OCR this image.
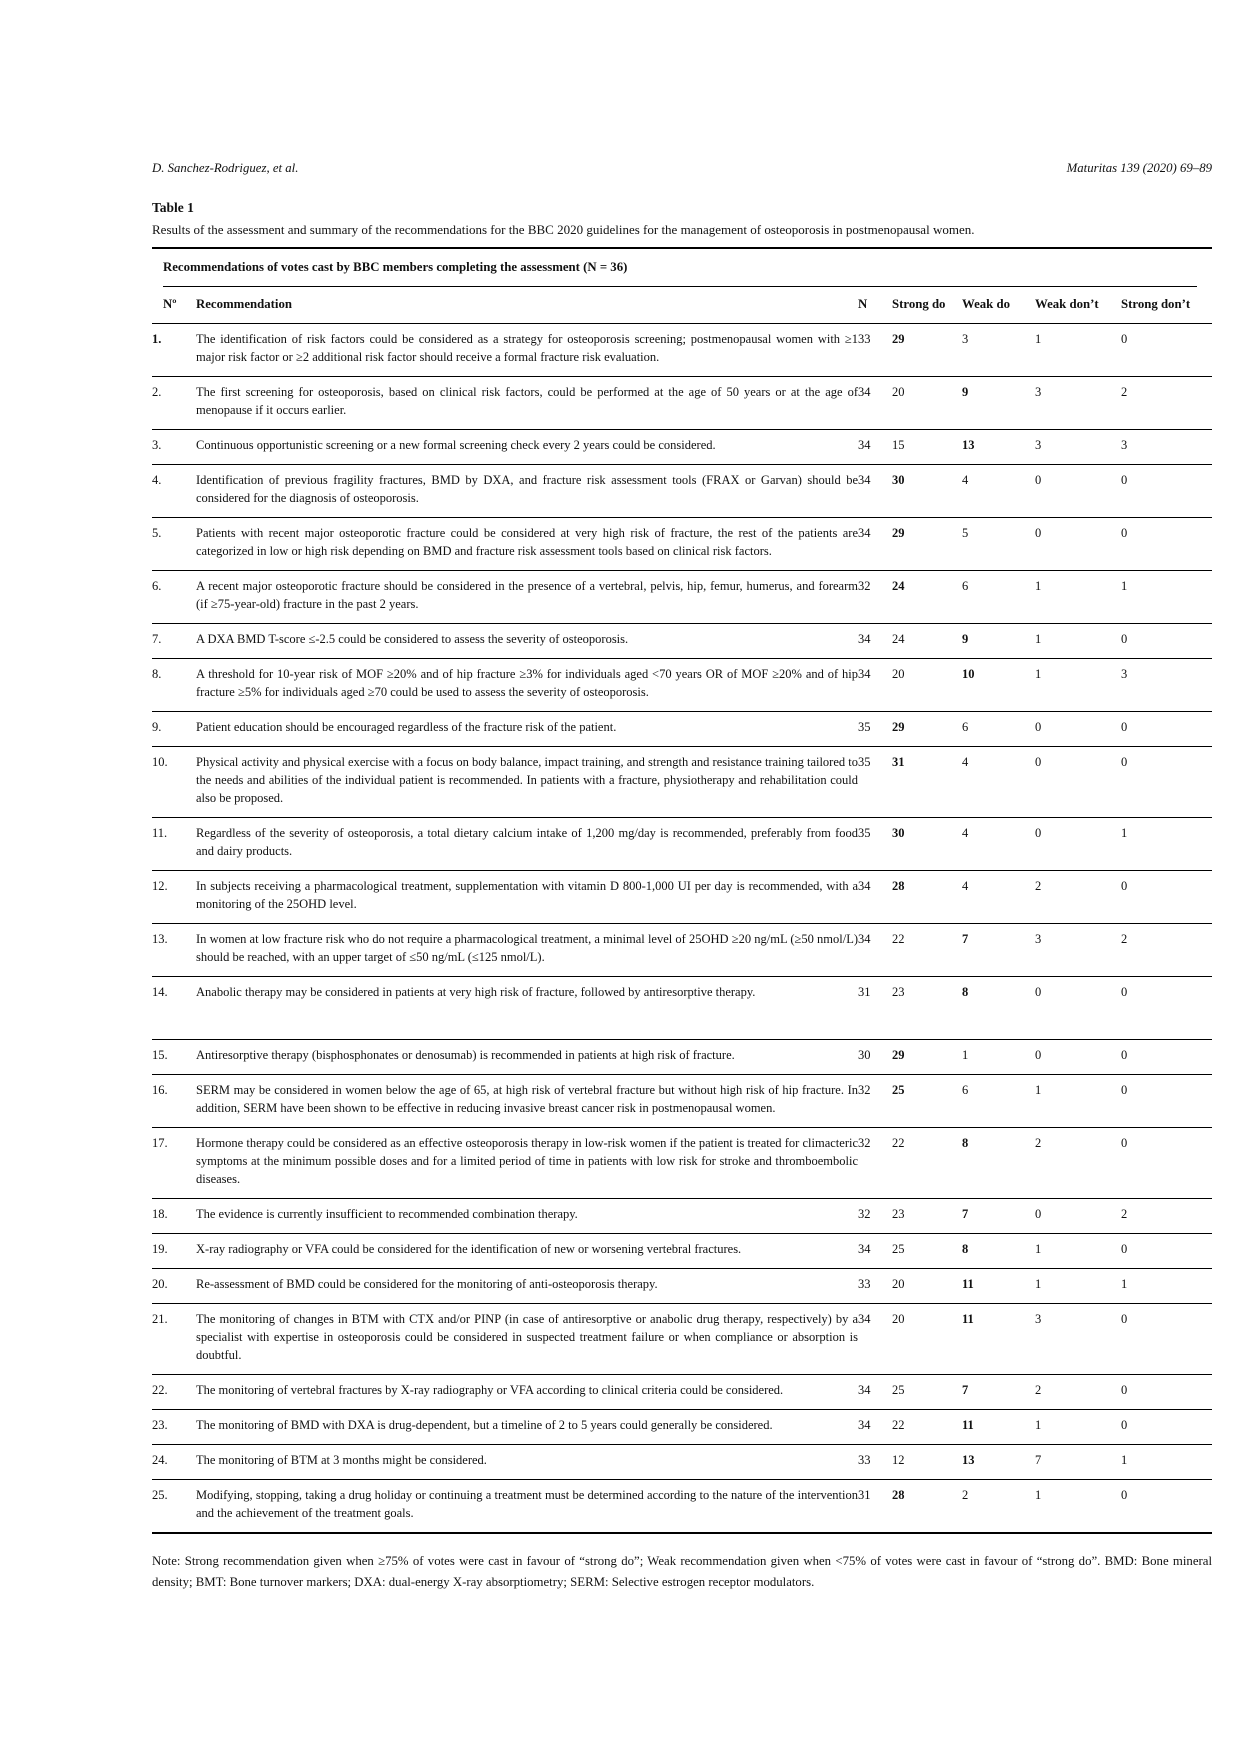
D. Sanchez-Rodriguez, et al.	Maturitas 139 (2020) 69–89
Table 1
Results of the assessment and summary of the recommendations for the BBC 2020 guidelines for the management of osteoporosis in postmenopausal women.
Recommendations of votes cast by BBC members completing the assessment (N = 36)
Nº	Recommendation	N	Strong do	Weak do	Weak don’t	Strong don’t
1.	The identification of risk factors could be considered as a strategy for osteoporosis screening; postmenopausal women with ≥1 major risk factor or ≥2 additional risk factor should receive a formal fracture risk evaluation.	33	29	3	1	0
2.	The first screening for osteoporosis, based on clinical risk factors, could be performed at the age of 50 years or at the age of menopause if it occurs earlier.	34	20	9	3	2
3.	Continuous opportunistic screening or a new formal screening check every 2 years could be considered.	34	15	13	3	3
4.	Identification of previous fragility fractures, BMD by DXA, and fracture risk assessment tools (FRAX or Garvan) should be considered for the diagnosis of osteoporosis.	34	30	4	0	0
5.	Patients with recent major osteoporotic fracture could be considered at very high risk of fracture, the rest of the patients are categorized in low or high risk depending on BMD and fracture risk assessment tools based on clinical risk factors.	34	29	5	0	0
6.	A recent major osteoporotic fracture should be considered in the presence of a vertebral, pelvis, hip, femur, humerus, and forearm (if ≥75-year-old) fracture in the past 2 years.	32	24	6	1	1
7.	A DXA BMD T-score ≤-2.5 could be considered to assess the severity of osteoporosis.	34	24	9	1	0
8.	A threshold for 10-year risk of MOF ≥20% and of hip fracture ≥3% for individuals aged <70 years OR of MOF ≥20% and of hip fracture ≥5% for individuals aged ≥70 could be used to assess the severity of osteoporosis.	34	20	10	1	3
9.	Patient education should be encouraged regardless of the fracture risk of the patient.	35	29	6	0	0
10.	Physical activity and physical exercise with a focus on body balance, impact training, and strength and resistance training tailored to the needs and abilities of the individual patient is recommended. In patients with a fracture, physiotherapy and rehabilitation could also be proposed.	35	31	4	0	0
11.	Regardless of the severity of osteoporosis, a total dietary calcium intake of 1,200 mg/day is recommended, preferably from food and dairy products.	35	30	4	0	1
12.	In subjects receiving a pharmacological treatment, supplementation with vitamin D 800-1,000 UI per day is recommended, with a monitoring of the 25OHD level.	34	28	4	2	0
13.	In women at low fracture risk who do not require a pharmacological treatment, a minimal level of 25OHD ≥20 ng/mL (≥50 nmol/L) should be reached, with an upper target of ≤50 ng/mL (≤125 nmol/L).	34	22	7	3	2
14.	Anabolic therapy may be considered in patients at very high risk of fracture, followed by antiresorptive therapy.	31	23	8	0	0
15.	Antiresorptive therapy (bisphosphonates or denosumab) is recommended in patients at high risk of fracture.	30	29	1	0	0
16.	SERM may be considered in women below the age of 65, at high risk of vertebral fracture but without high risk of hip fracture. In addition, SERM have been shown to be effective in reducing invasive breast cancer risk in postmenopausal women.	32	25	6	1	0
17.	Hormone therapy could be considered as an effective osteoporosis therapy in low-risk women if the patient is treated for climacteric symptoms at the minimum possible doses and for a limited period of time in patients with low risk for stroke and thromboembolic diseases.	32	22	8	2	0
18.	The evidence is currently insufficient to recommended combination therapy.	32	23	7	0	2
19.	X-ray radiography or VFA could be considered for the identification of new or worsening vertebral fractures.	34	25	8	1	0
20.	Re-assessment of BMD could be considered for the monitoring of anti-osteoporosis therapy.	33	20	11	1	1
21.	The monitoring of changes in BTM with CTX and/or PINP (in case of antiresorptive or anabolic drug therapy, respectively) by a specialist with expertise in osteoporosis could be considered in suspected treatment failure or when compliance or absorption is doubtful.	34	20	11	3	0
22.	The monitoring of vertebral fractures by X-ray radiography or VFA according to clinical criteria could be considered.	34	25	7	2	0
23.	The monitoring of BMD with DXA is drug-dependent, but a timeline of 2 to 5 years could generally be considered.	34	22	11	1	0
24.	The monitoring of BTM at 3 months might be considered.	33	12	13	7	1
25.	Modifying, stopping, taking a drug holiday or continuing a treatment must be determined according to the nature of the intervention and the achievement of the treatment goals.	31	28	2	1	0
Note: Strong recommendation given when ≥75% of votes were cast in favour of “strong do”; Weak recommendation given when <75% of votes were cast in favour of “strong do”. BMD: Bone mineral density; BMT: Bone turnover markers; DXA: dual-energy X-ray absorptiometry; SERM: Selective estrogen receptor modulators.
